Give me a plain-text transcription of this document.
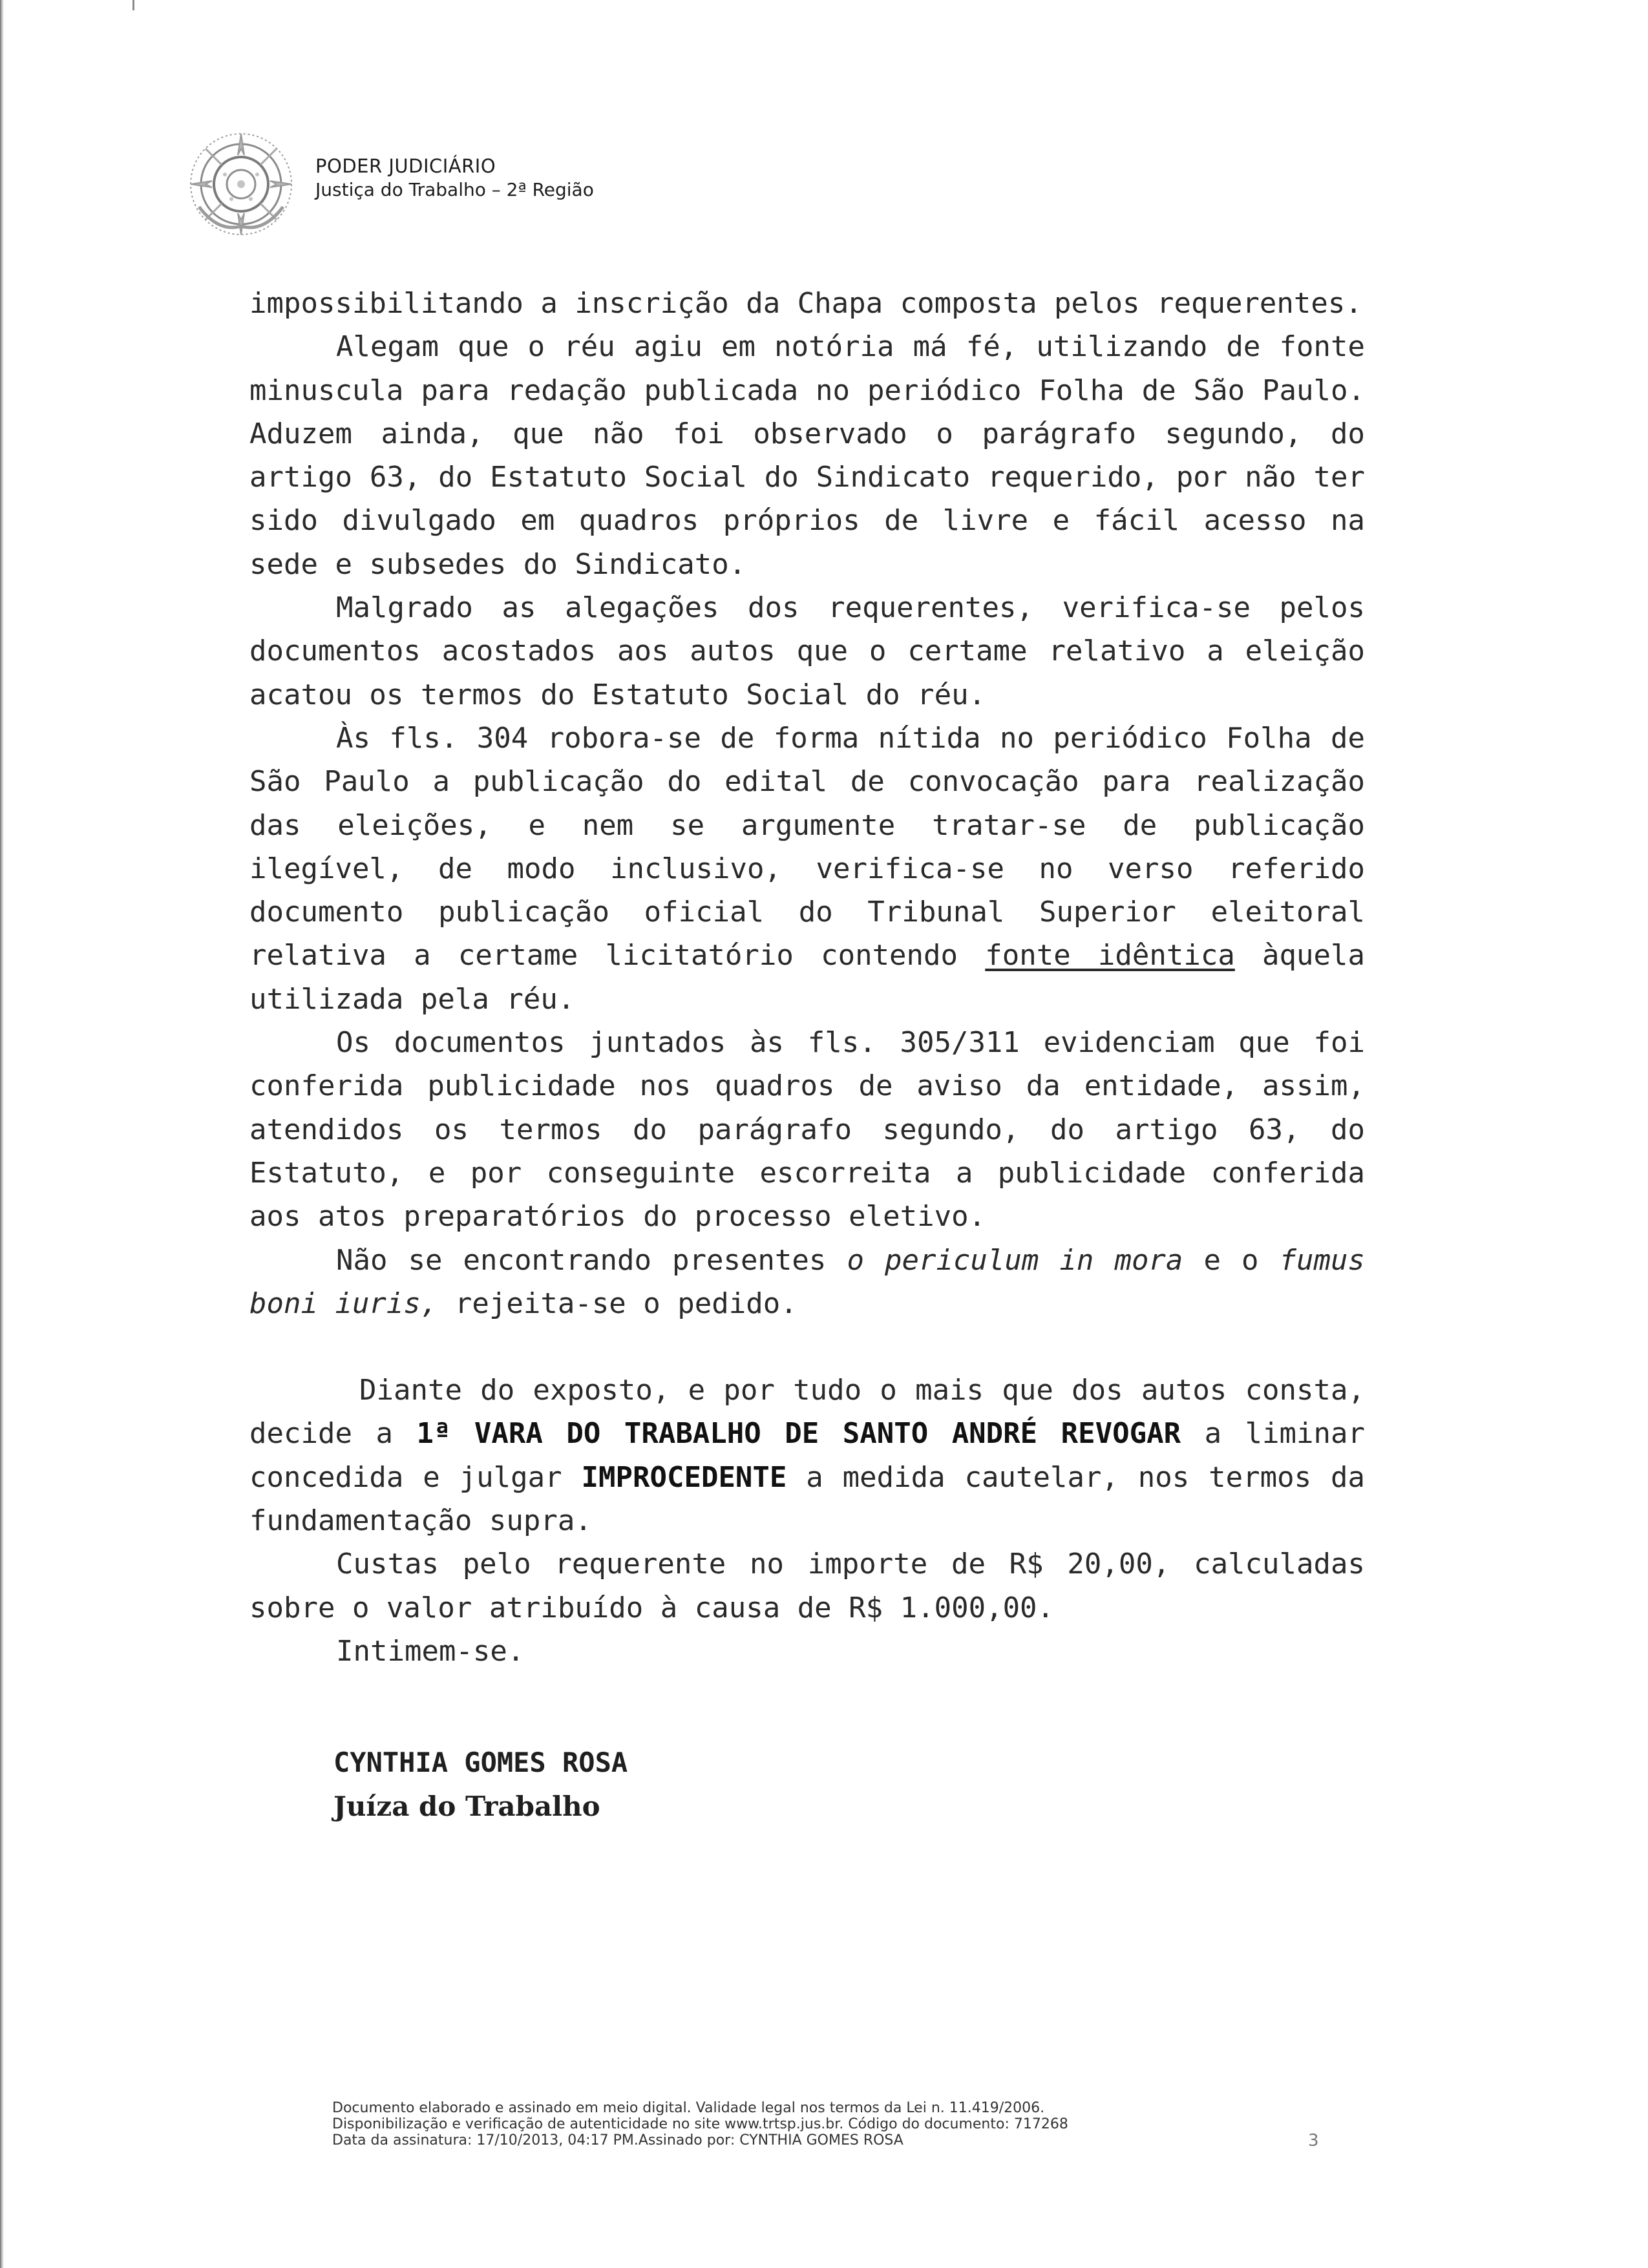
PODER JUDICIÁRIO
Justiça do Trabalho – 2ª Região

impossibilitando a inscrição da Chapa composta pelos requerentes.

Alegam que o réu agiu em notória má fé, utilizando de fonte minuscula para redação publicada no periódico Folha de São Paulo. Aduzem ainda, que não foi observado o parágrafo segundo, do artigo 63, do Estatuto Social do Sindicato requerido, por não ter sido divulgado em quadros próprios de livre e fácil acesso na sede e subsedes do Sindicato.

Malgrado as alegações dos requerentes, verifica-se pelos documentos acostados aos autos que o certame relativo a eleição acatou os termos do Estatuto Social do réu.

Às fls. 304 robora-se de forma nítida no periódico Folha de São Paulo a publicação do edital de convocação para realização das eleições, e nem se argumente tratar-se de publicação ilegível, de modo inclusivo, verifica-se no verso referido documento publicação oficial do Tribunal Superior eleitoral relativa a certame licitatório contendo fonte idêntica àquela utilizada pela réu.

Os documentos juntados às fls. 305/311 evidenciam que foi conferida publicidade nos quadros de aviso da entidade, assim, atendidos os termos do parágrafo segundo, do artigo 63, do Estatuto, e por conseguinte escorreita a publicidade conferida aos atos preparatórios do processo eletivo.

Não se encontrando presentes o periculum in mora e o fumus boni iuris, rejeita-se o pedido.

Diante do exposto, e por tudo o mais que dos autos consta, decide a 1ª VARA DO TRABALHO DE SANTO ANDRÉ REVOGAR a liminar concedida e julgar IMPROCEDENTE a medida cautelar, nos termos da fundamentação supra.

Custas pelo requerente no importe de R$ 20,00, calculadas sobre o valor atribuído à causa de R$ 1.000,00.

Intimem-se.

CYNTHIA GOMES ROSA
Juíza do Trabalho
Documento elaborado e assinado em meio digital. Validade legal nos termos da Lei n. 11.419/2006.
Disponibilização e verificação de autenticidade no site www.trtsp.jus.br. Código do documento: 717268
Data da assinatura: 17/10/2013, 04:17 PM.Assinado por: CYNTHIA GOMES ROSA	3
